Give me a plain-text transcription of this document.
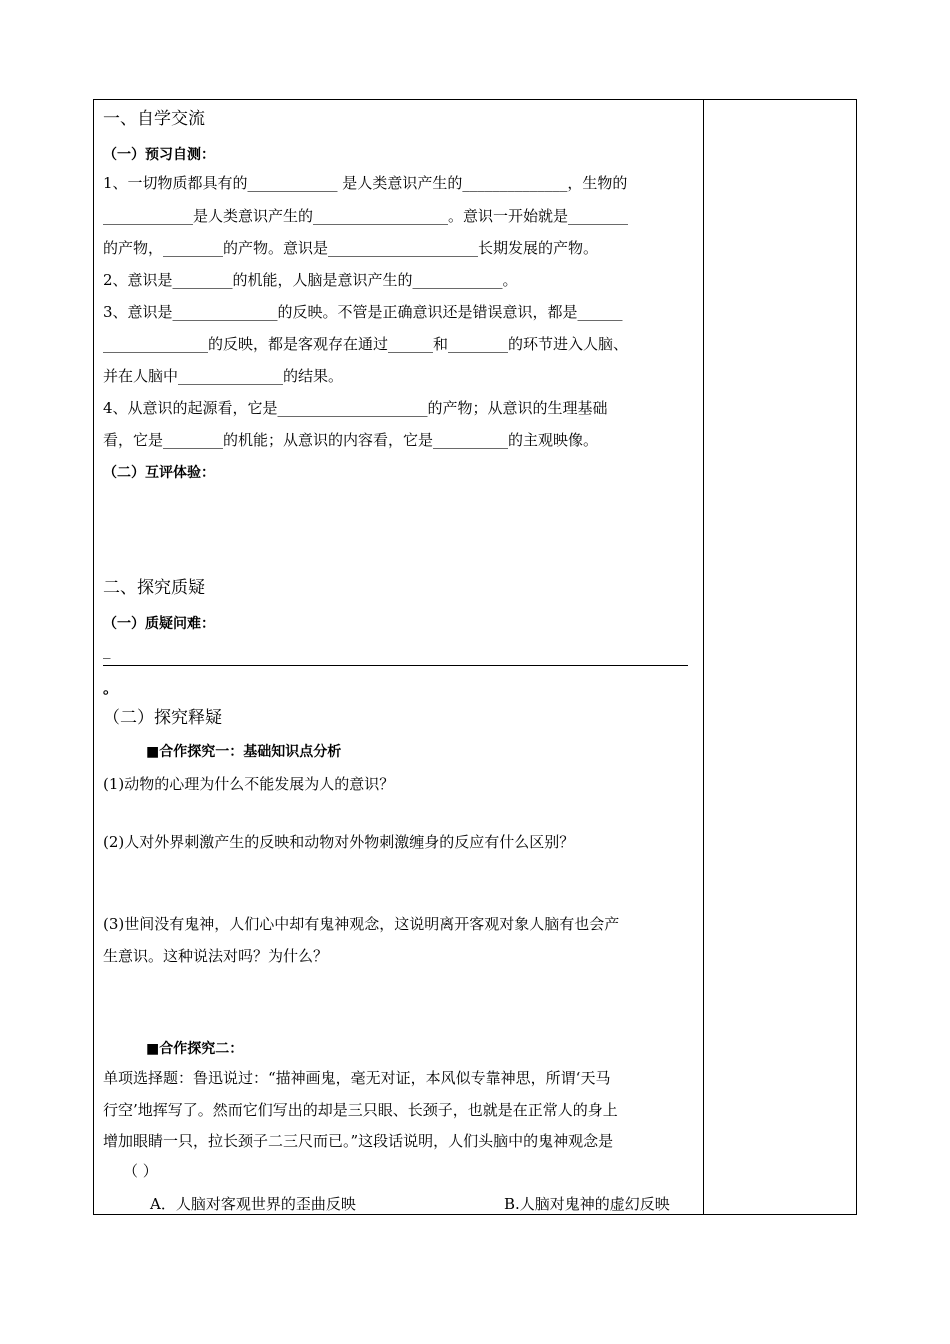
一、自学交流
（一）预习自测：
1、一切物质都具有的____________ 是人类意识产生的______________，生物的
____________是人类意识产生的__________________。意识一开始就是________
的产物，________的产物。意识是____________________长期发展的产物。
2、意识是________的机能，人脑是意识产生的____________。
3、意识是______________的反映。不管是正确意识还是错误意识，都是______
______________的反映，都是客观存在通过______和________的环节进入人脑、
并在人脑中______________的结果。
4、从意识的起源看，它是____________________的产物；从意识的生理基础
看，它是________的机能；从意识的内容看，它是__________的主观映像。
（二）互评体验：
二、探究质疑
（一）质疑问难：
_
。
（二）探究释疑
■合作探究一：基础知识点分析
(1)动物的心理为什么不能发展为人的意识？
(2)人对外界刺激产生的反映和动物对外物刺激缠身的反应有什么区别？
(3)世间没有鬼神，人们心中却有鬼神观念，这说明离开客观对象人脑有也会产
生意识。这种说法对吗？为什么？
■合作探究二：
单项选择题：鲁迅说过：“描神画鬼，毫无对证，本风似专靠神思，所谓‘天马
行空’地挥写了。然而它们写出的却是三只眼、长颈子，也就是在正常人的身上
增加眼睛一只，拉长颈子二三尺而已。”这段话说明，人们头脑中的鬼神观念是
（ ）
A．人脑对客观世界的歪曲反映	B.人脑对鬼神的虚幻反映
